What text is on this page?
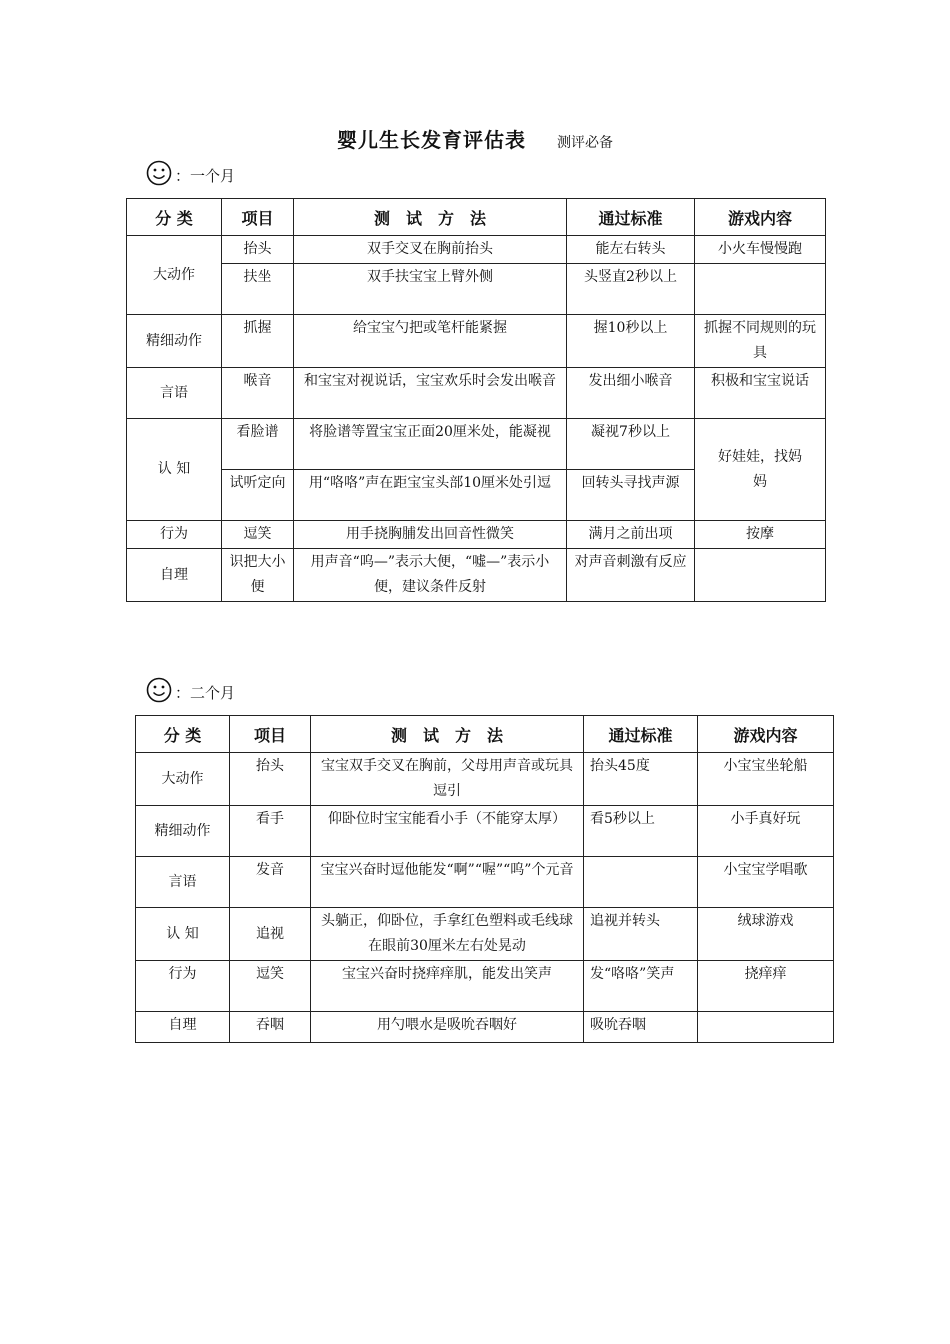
婴儿生长发育评估表 测评必备
：一个月
分 类	项目	测　试　方　法	通过标准	游戏内容
大动作	抬头	双手交叉在胸前抬头	能左右转头	小火车慢慢跑
	扶坐	双手扶宝宝上臂外侧	头竖直2秒以上	
精细动作	抓握	给宝宝勺把或笔杆能紧握	握10秒以上	抓握不同规则的玩具
言语	喉音	和宝宝对视说话，宝宝欢乐时会发出喉音	发出细小喉音	积极和宝宝说话
认 知	看脸谱	将脸谱等置宝宝正面20厘米处，能凝视	凝视7秒以上	好娃娃，找妈妈
	试听定向	用“咯咯”声在距宝宝头部10厘米处引逗	回转头寻找声源	
行为	逗笑	用手挠胸脯发出回音性微笑	满月之前出项	按摩
自理	识把大小便	用声音“呜—”表示大便，“嘘—”表示小便，建议条件反射	对声音刺激有反应	
：二个月
分 类	项目	测　试　方　法	通过标准	游戏内容
大动作	抬头	宝宝双手交叉在胸前，父母用声音或玩具逗引	抬头45度	小宝宝坐轮船
精细动作	看手	仰卧位时宝宝能看小手（不能穿太厚）	看5秒以上	小手真好玩
言语	发音	宝宝兴奋时逗他能发“啊”“喔”“呜”个元音		小宝宝学唱歌
认 知	追视	头躺正，仰卧位，手拿红色塑料或毛线球在眼前30厘米左右处晃动	追视并转头	绒球游戏
行为	逗笑	宝宝兴奋时挠痒痒肌，能发出笑声	发“咯咯”笑声	挠痒痒
自理	吞咽	用勺喂水是吸吮吞咽好	吸吮吞咽	
